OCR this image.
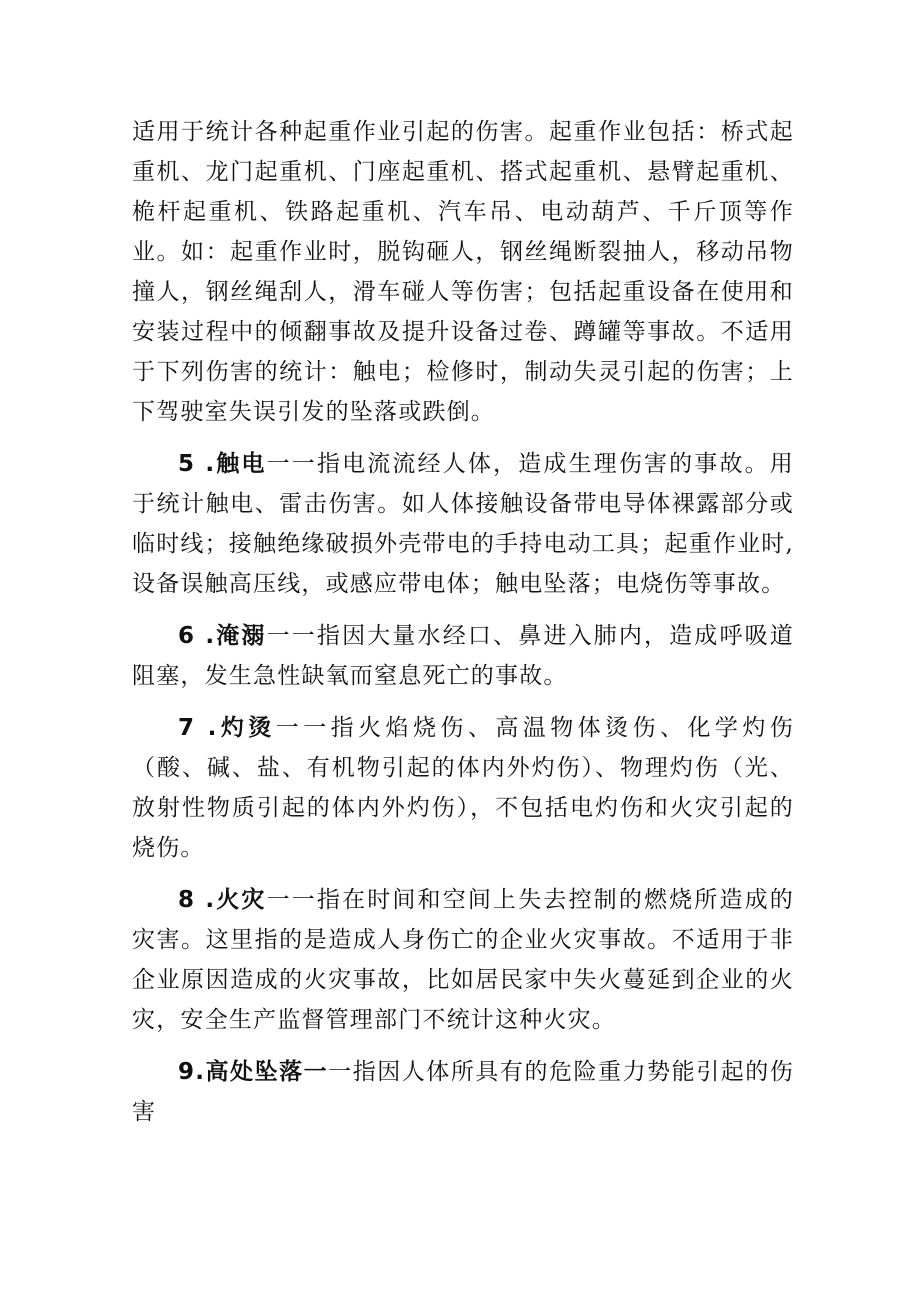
适用于统计各种起重作业引起的伤害。起重作业包括：桥式起重机、龙门起重机、门座起重机、搭式起重机、悬臂起重机、桅杆起重机、铁路起重机、汽车吊、电动葫芦、千斤顶等作业。如：起重作业时，脱钩砸人，钢丝绳断裂抽人，移动吊物撞人，钢丝绳刮人，滑车碰人等伤害；包括起重设备在使用和安装过程中的倾翻事故及提升设备过卷、蹲罐等事故。不适用于下列伤害的统计：触电；检修时，制动失灵引起的伤害；上下驾驶室失误引发的坠落或跌倒。

5 .触电一一指电流流经人体，造成生理伤害的事故。用于统计触电、雷击伤害。如人体接触设备带电导体裸露部分或临时线；接触绝缘破损外壳带电的手持电动工具；起重作业时,设备误触高压线，或感应带电体；触电坠落；电烧伤等事故。

6 .淹溺一一指因大量水经口、鼻进入肺内，造成呼吸道阻塞，发生急性缺氧而窒息死亡的事故。

7 .灼烫一一指火焰烧伤、高温物体烫伤、化学灼伤（酸、碱、盐、有机物引起的体内外灼伤）、物理灼伤（光、放射性物质引起的体内外灼伤），不包括电灼伤和火灾引起的烧伤。

8 .火灾一一指在时间和空间上失去控制的燃烧所造成的灾害。这里指的是造成人身伤亡的企业火灾事故。不适用于非企业原因造成的火灾事故，比如居民家中失火蔓延到企业的火灾，安全生产监督管理部门不统计这种火灾。

9.高处坠落一一指因人体所具有的危险重力势能引起的伤害
